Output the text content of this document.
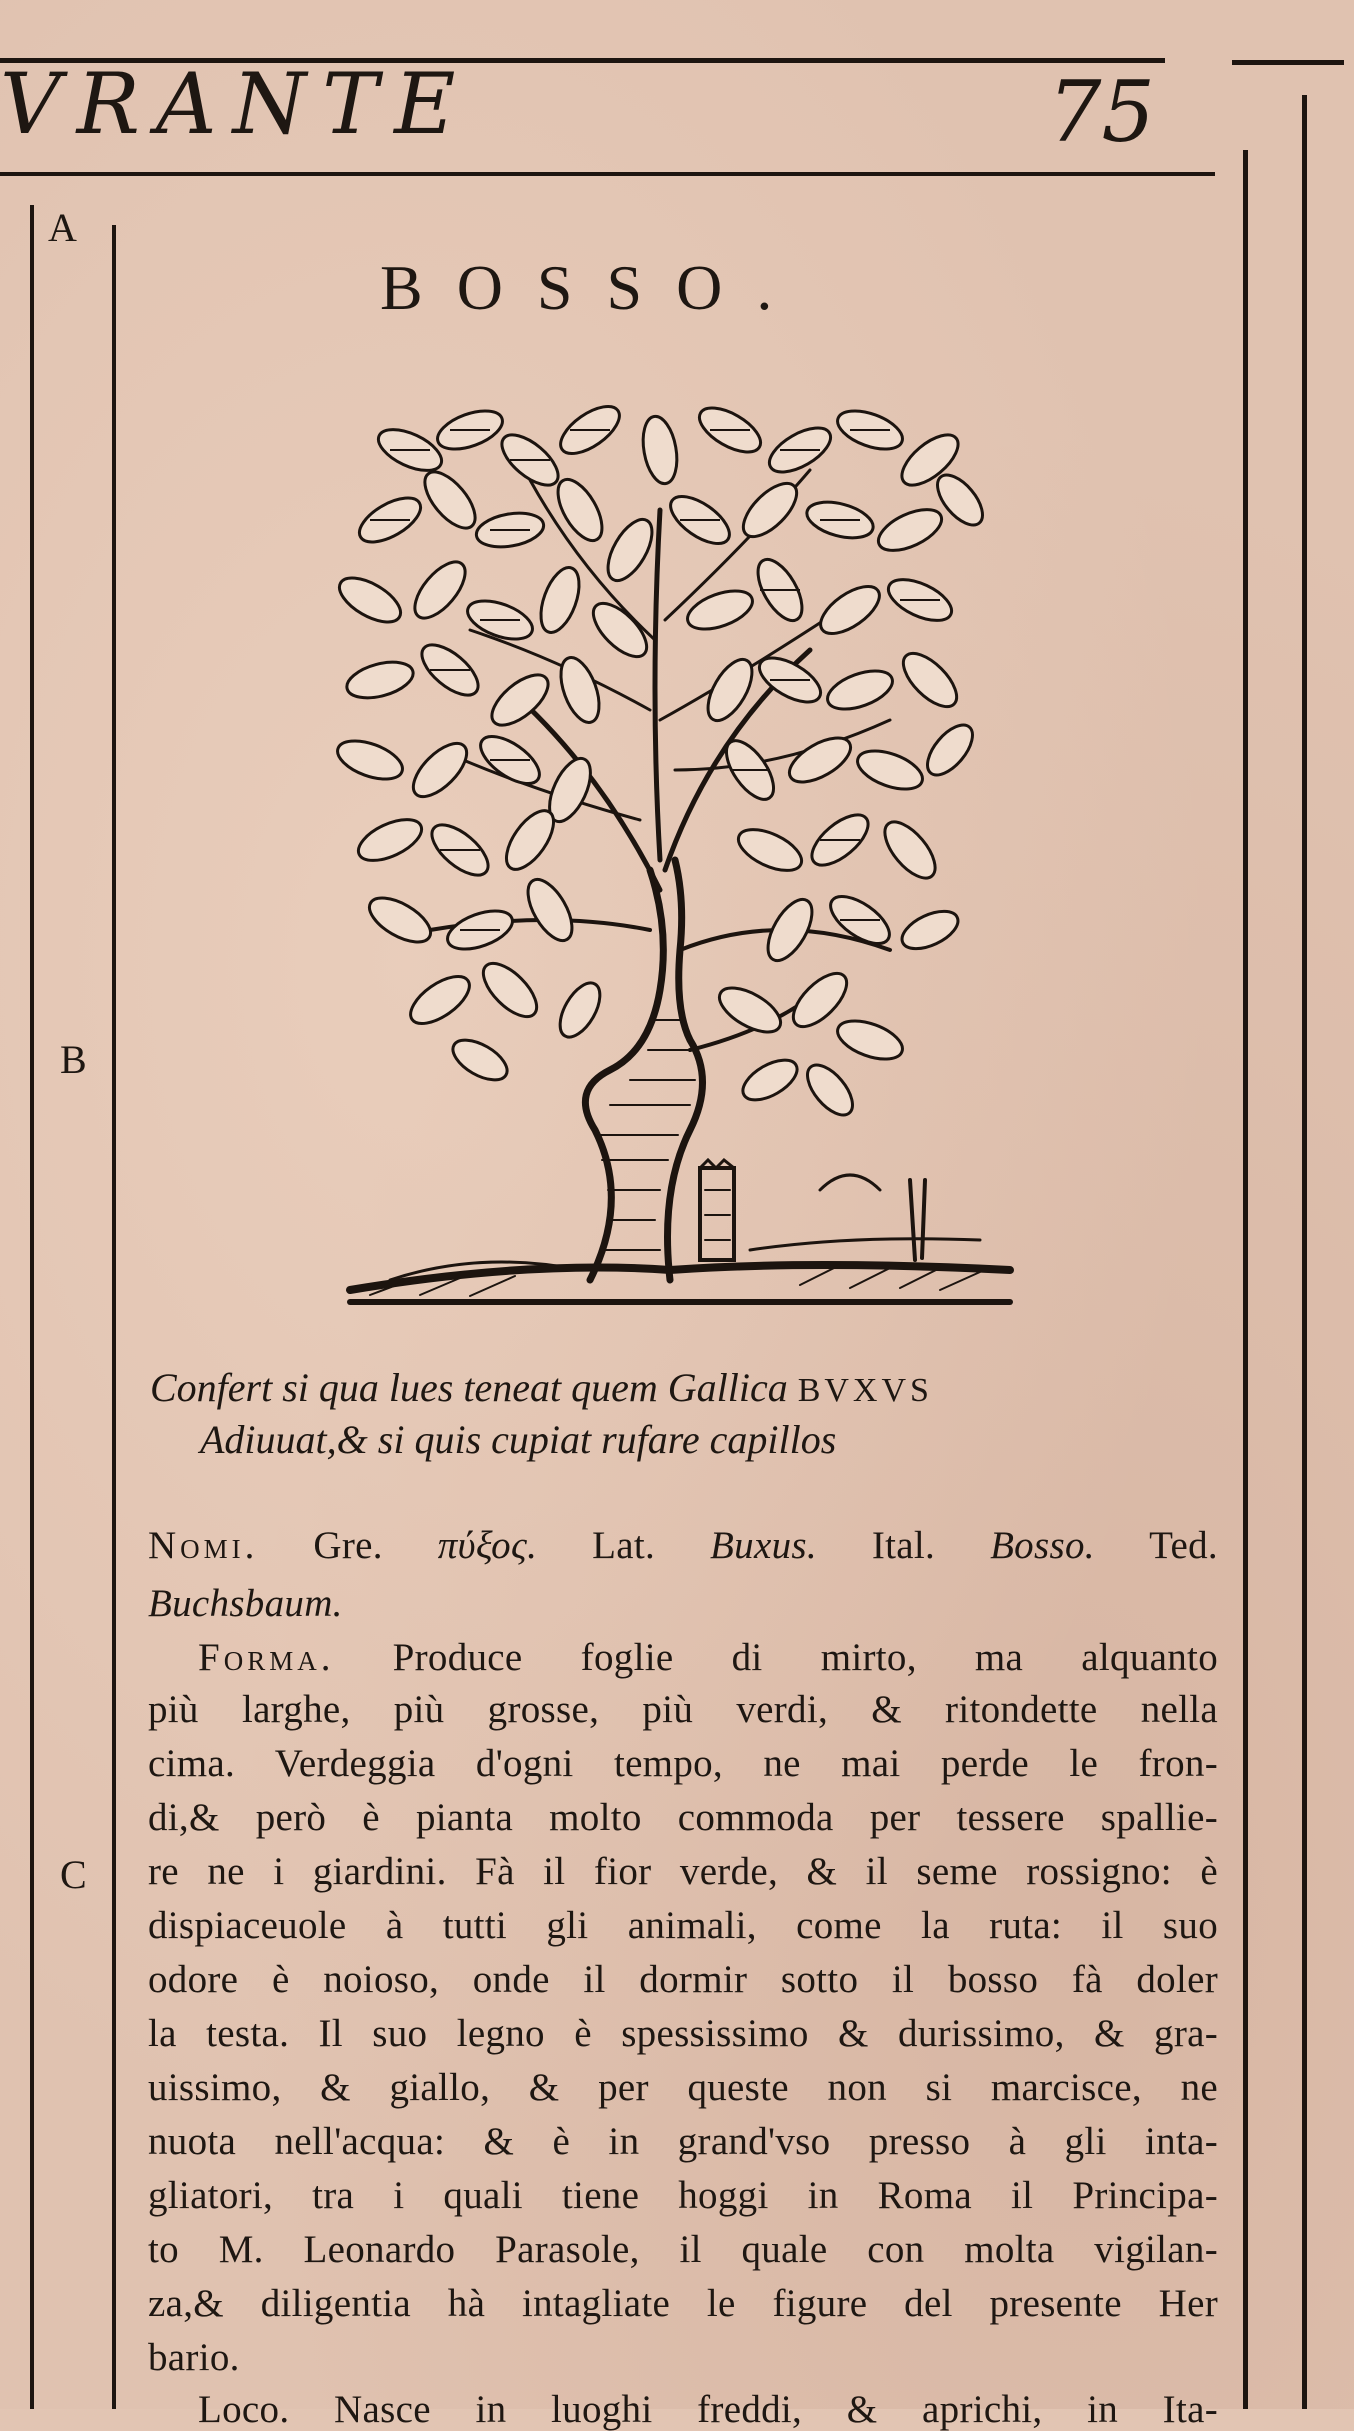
VRANTE	75
A
B
C
BOSSO.
Confert si qua lues teneat quem Gallica BVXVS
Adiuuat,& si quis cupiat rufare capillos
Nomi. Gre. πύξος. Lat. Buxus. Ital. Bosso. Ted.
Buchsbaum.
Forma. Produce foglie di mirto, ma alquanto
più larghe, più grosse, più verdi, & ritondette nella
cima. Verdeggia d'ogni tempo, ne mai perde le fron-
di,& però è pianta molto commoda per tessere spallie-
re ne i giardini. Fà il fior verde, & il seme rossigno: è
dispiaceuole à tutti gli animali, come la ruta: il suo
odore è noioso, onde il dormir sotto il bosso fà doler
la testa. Il suo legno è spessissimo & durissimo, & gra-
uissimo, & giallo, & per queste non si marcisce, ne
nuota nell'acqua: & è in grand'vso presso à gli inta-
gliatori, tra i quali tiene hoggi in Roma il Principa-
to M. Leonardo Parasole, il quale con molta vigilan-
za,& diligentia hà intagliate le figure del presente Her
bario.
Loco. Nasce in luoghi freddi, & aprichi, in Ita-
